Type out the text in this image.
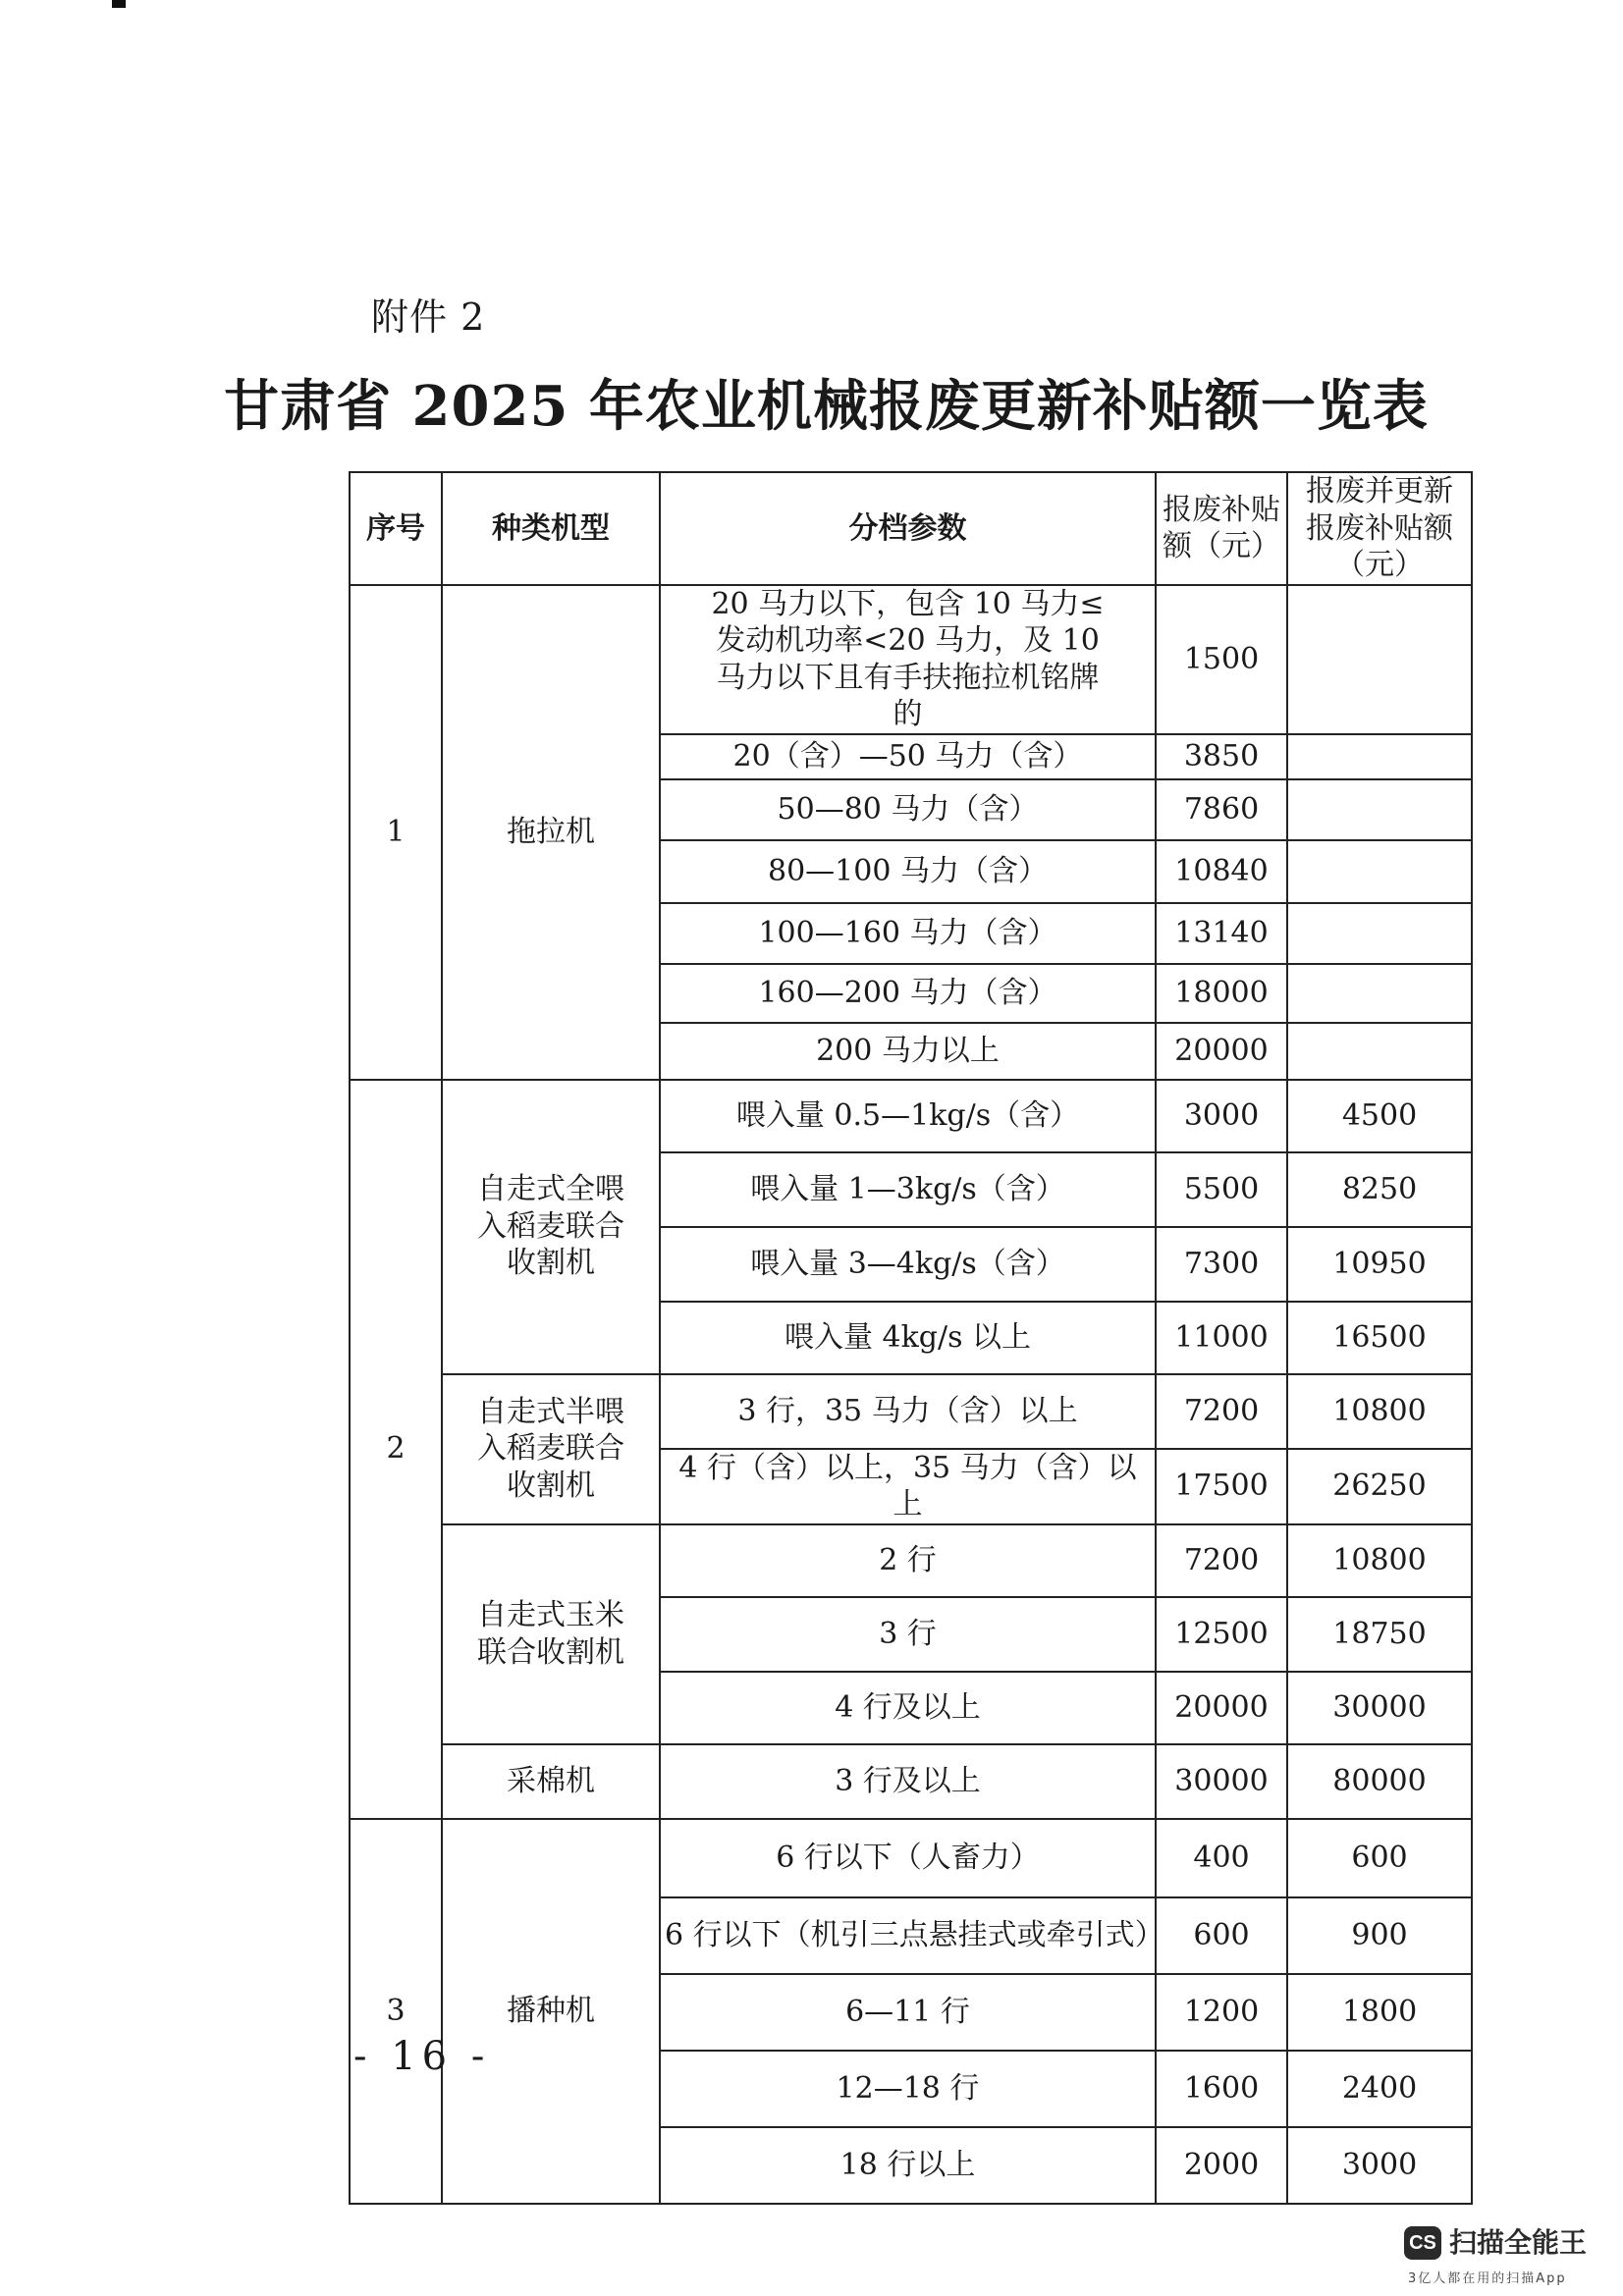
附件 2
甘肃省 2025 年农业机械报废更新补贴额一览表
序号	种类机型	分档参数	报废补贴额（元）	报废并更新报废补贴额（元）
1	拖拉机	20 马力以下，包含 10 马力≤发动机功率<20 马力，及 10 马力以下且有手扶拖拉机铭牌的	1500	
		20（含）—50 马力（含）	3850	
		50—80 马力（含）	7860	
		80—100 马力（含）	10840	
		100—160 马力（含）	13140	
		160—200 马力（含）	18000	
		200 马力以上	20000	
2	自走式全喂入稻麦联合收割机	喂入量 0.5—1kg/s（含）	3000	4500
		喂入量 1—3kg/s（含）	5500	8250
		喂入量 3—4kg/s（含）	7300	10950
		喂入量 4kg/s 以上	11000	16500
	自走式半喂入稻麦联合收割机	3 行，35 马力（含）以上	7200	10800
		4 行（含）以上，35 马力（含）以上	17500	26250
	自走式玉米联合收割机	2 行	7200	10800
		3 行	12500	18750
		4 行及以上	20000	30000
	采棉机	3 行及以上	30000	80000
3	播种机	6 行以下（人畜力）	400	600
		6 行以下（机引三点悬挂式或牵引式）	600	900
		6—11 行	1200	1800
		12—18 行	1600	2400
		18 行以上	2000	3000
- 16 -
CS 扫描全能王
3亿人都在用的扫描App
